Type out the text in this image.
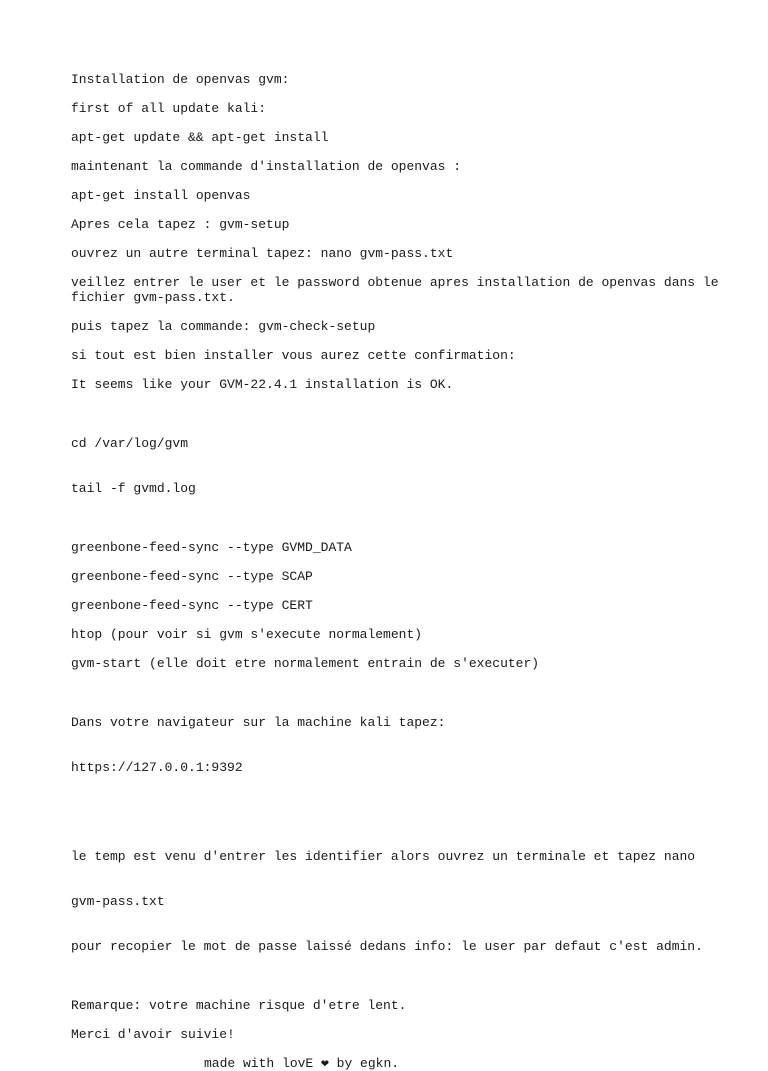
Installation de openvas gvm:

first of all update kali:

apt-get update && apt-get install

maintenant la commande d'installation de openvas :

apt-get install openvas

Apres cela tapez : gvm-setup

ouvrez un autre terminal tapez: nano gvm-pass.txt

veillez entrer le user et le password obtenue apres installation de openvas dans le fichier gvm-pass.txt.

puis tapez la commande: gvm-check-setup

si tout est bien installer vous aurez cette confirmation:

It seems like your GVM-22.4.1 installation is OK.

cd /var/log/gvm

tail -f gvmd.log

greenbone-feed-sync --type GVMD_DATA

greenbone-feed-sync --type SCAP

greenbone-feed-sync --type CERT

htop (pour voir si gvm s'execute normalement)

gvm-start (elle doit etre normalement entrain de s'executer)

Dans votre navigateur sur la machine kali tapez:

https://127.0.0.1:9392

le temp est venu d'entrer les identifier alors ouvrez un terminale et tapez nano

gvm-pass.txt

pour recopier le mot de passe laissé dedans info: le user par defaut c'est admin.

Remarque: votre machine risque d'etre lent.

Merci d'avoir suivie!

made with lovE ❤ by egkn.
